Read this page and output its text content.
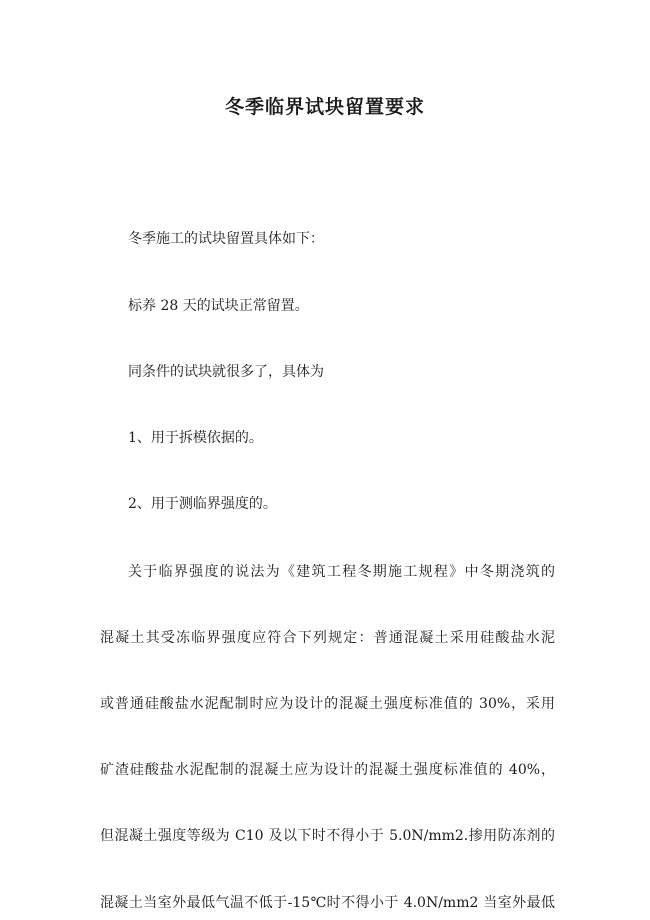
冬季临界试块留置要求

冬季施工的试块留置具体如下：

标养 28 天的试块正常留置。

同条件的试块就很多了，具体为

1、用于拆模依据的。

2、用于测临界强度的。

关于临界强度的说法为《建筑工程冬期施工规程》中冬期浇筑的

混凝土其受冻临界强度应符合下列规定：普通混凝土采用硅酸盐水泥

或普通硅酸盐水泥配制时应为设计的混凝土强度标准值的 30%，采用

矿渣硅酸盐水泥配制的混凝土应为设计的混凝土强度标准值的 40%，

但混凝土强度等级为 C10 及以下时不得小于 5.0N/mm2.掺用防冻剂的

混凝土当室外最低气温不低于-15℃时不得小于 4.0N/mm2 当室外最低
